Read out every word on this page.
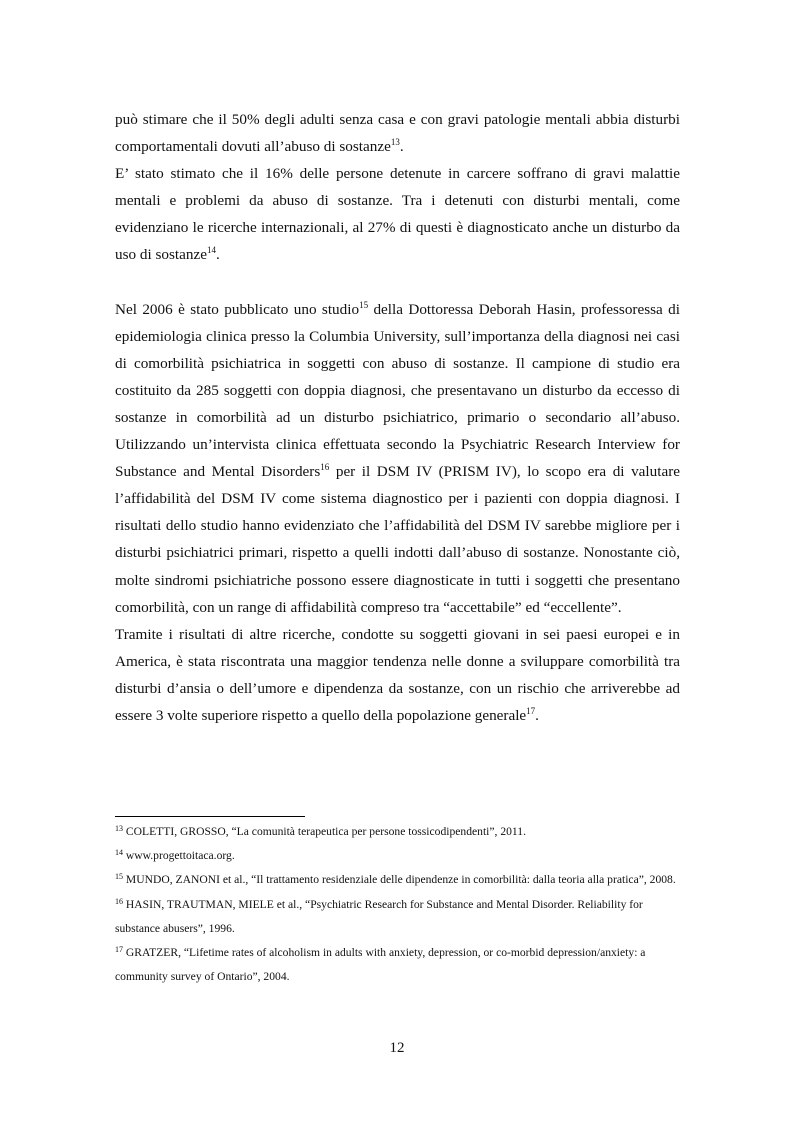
può stimare che il 50% degli adulti senza casa e con gravi patologie mentali abbia disturbi comportamentali dovuti all’abuso di sostanze$^{13}$.

E’ stato stimato che il 16% delle persone detenute in carcere soffrano di gravi malattie mentali e problemi da abuso di sostanze. Tra i detenuti con disturbi mentali, come evidenziano le ricerche internazionali, al 27% di questi è diagnosticato anche un disturbo da uso di sostanze$^{14}$.

Nel 2006 è stato pubblicato uno studio$^{15}$ della Dottoressa Deborah Hasin, professoressa di epidemiologia clinica presso la Columbia University, sull’importanza della diagnosi nei casi di comorbilità psichiatrica in soggetti con abuso di sostanze. Il campione di studio era costituito da 285 soggetti con doppia diagnosi, che presentavano un disturbo da eccesso di sostanze in comorbilità ad un disturbo psichiatrico, primario o secondario all’abuso. Utilizzando un’intervista clinica effettuata secondo la Psychiatric Research Interview for Substance and Mental Disorders$^{16}$ per il DSM IV (PRISM IV), lo scopo era di valutare l’affidabilità del DSM IV come sistema diagnostico per i pazienti con doppia diagnosi. I risultati dello studio hanno evidenziato che l’affidabilità del DSM IV sarebbe migliore per i disturbi psichiatrici primari, rispetto a quelli indotti dall’abuso di sostanze. Nonostante ciò, molte sindromi psichiatriche possono essere diagnosticate in tutti i soggetti che presentano comorbilità, con un range di affidabilità compreso tra “accettabile” ed “eccellente”.

Tramite i risultati di altre ricerche, condotte su soggetti giovani in sei paesi europei e in America, è stata riscontrata una maggior tendenza nelle donne a sviluppare comorbilità tra disturbi d’ansia o dell’umore e dipendenza da sostanze, con un rischio che arriverebbe ad essere 3 volte superiore rispetto a quello della popolazione generale$^{17}$.

$^{13}$ COLETTI, GROSSO, “La comunità terapeutica per persone tossicodipendenti”, 2011.

$^{14}$ www.progettoitaca.org.

$^{15}$ MUNDO, ZANONI et al., “Il trattamento residenziale delle dipendenze in comorbilità: dalla teoria alla pratica”, 2008.

$^{16}$ HASIN, TRAUTMAN, MIELE et al., “Psychiatric Research for Substance and Mental Disorder. Reliability for substance abusers”, 1996.

$^{17}$ GRATZER, “Lifetime rates of alcoholism in adults with anxiety, depression, or co-morbid depression/anxiety: a community survey of Ontario”, 2004.

12
